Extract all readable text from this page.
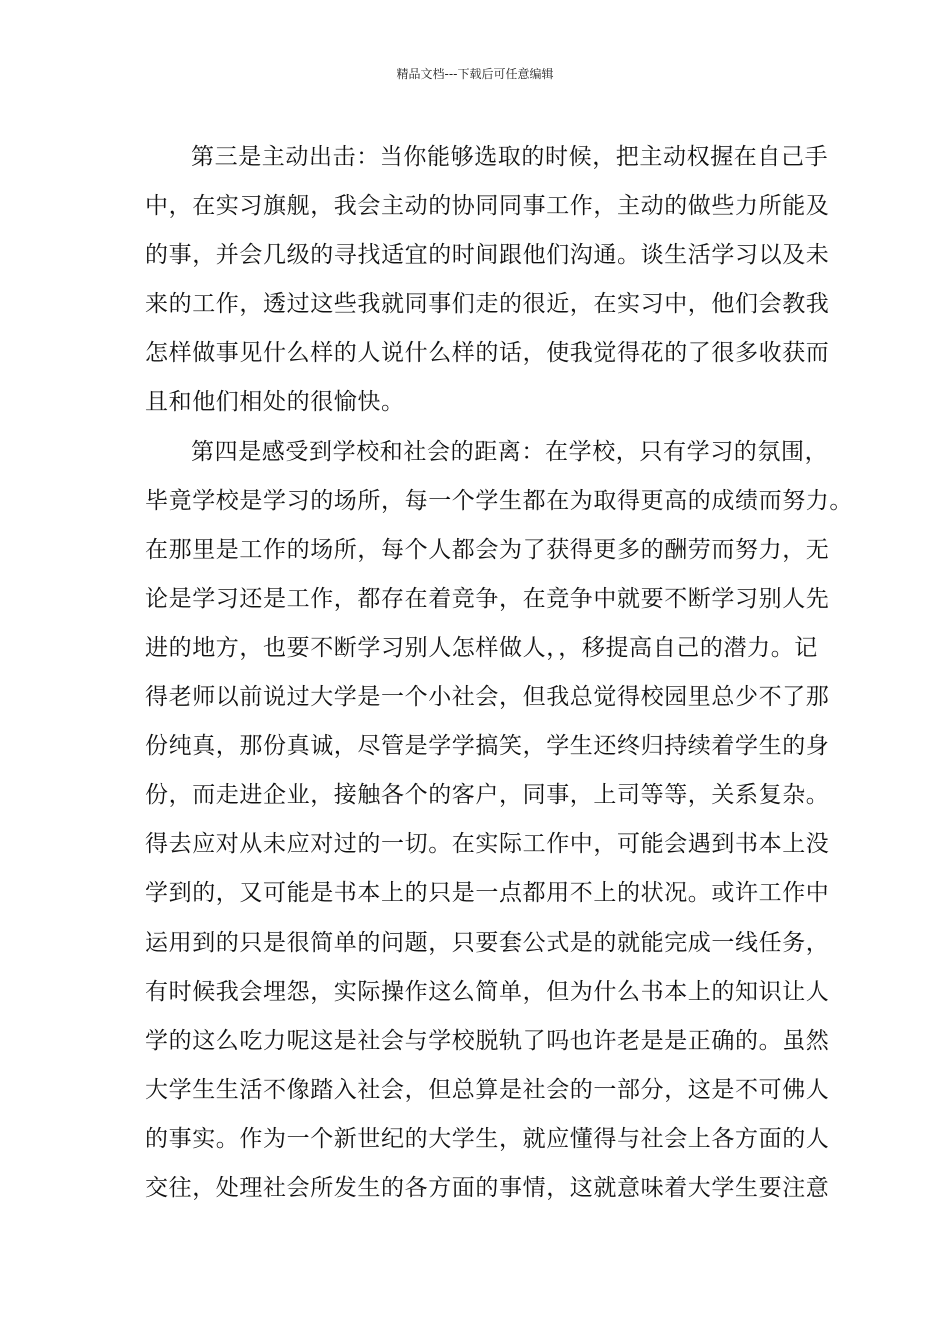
精品文档---下载后可任意编辑
第三是主动出击：当你能够选取的时候，把主动权握在自己手
中，在实习旗舰，我会主动的协同同事工作，主动的做些力所能及
的事，并会几级的寻找适宜的时间跟他们沟通。谈生活学习以及未
来的工作，透过这些我就同事们走的很近，在实习中，他们会教我
怎样做事见什么样的人说什么样的话，使我觉得花的了很多收获而
且和他们相处的很愉快。
第四是感受到学校和社会的距离：在学校，只有学习的氛围，
毕竟学校是学习的场所，每一个学生都在为取得更高的成绩而努力。
在那里是工作的场所，每个人都会为了获得更多的酬劳而努力，无
论是学习还是工作，都存在着竞争，在竞争中就要不断学习别人先
进的地方，也要不断学习别人怎样做人，，移提高自己的潜力。记
得老师以前说过大学是一个小社会，但我总觉得校园里总少不了那
份纯真，那份真诚，尽管是学学搞笑，学生还终归持续着学生的身
份，而走进企业，接触各个的客户，同事，上司等等，关系复杂。
得去应对从未应对过的一切。在实际工作中，可能会遇到书本上没
学到的，又可能是书本上的只是一点都用不上的状况。或许工作中
运用到的只是很简单的问题，只要套公式是的就能完成一线任务，
有时候我会埋怨，实际操作这么简单，但为什么书本上的知识让人
学的这么吃力呢这是社会与学校脱轨了吗也许老是是正确的。虽然
大学生生活不像踏入社会，但总算是社会的一部分，这是不可佛人
的事实。作为一个新世纪的大学生，就应懂得与社会上各方面的人
交往，处理社会所发生的各方面的事情，这就意味着大学生要注意
